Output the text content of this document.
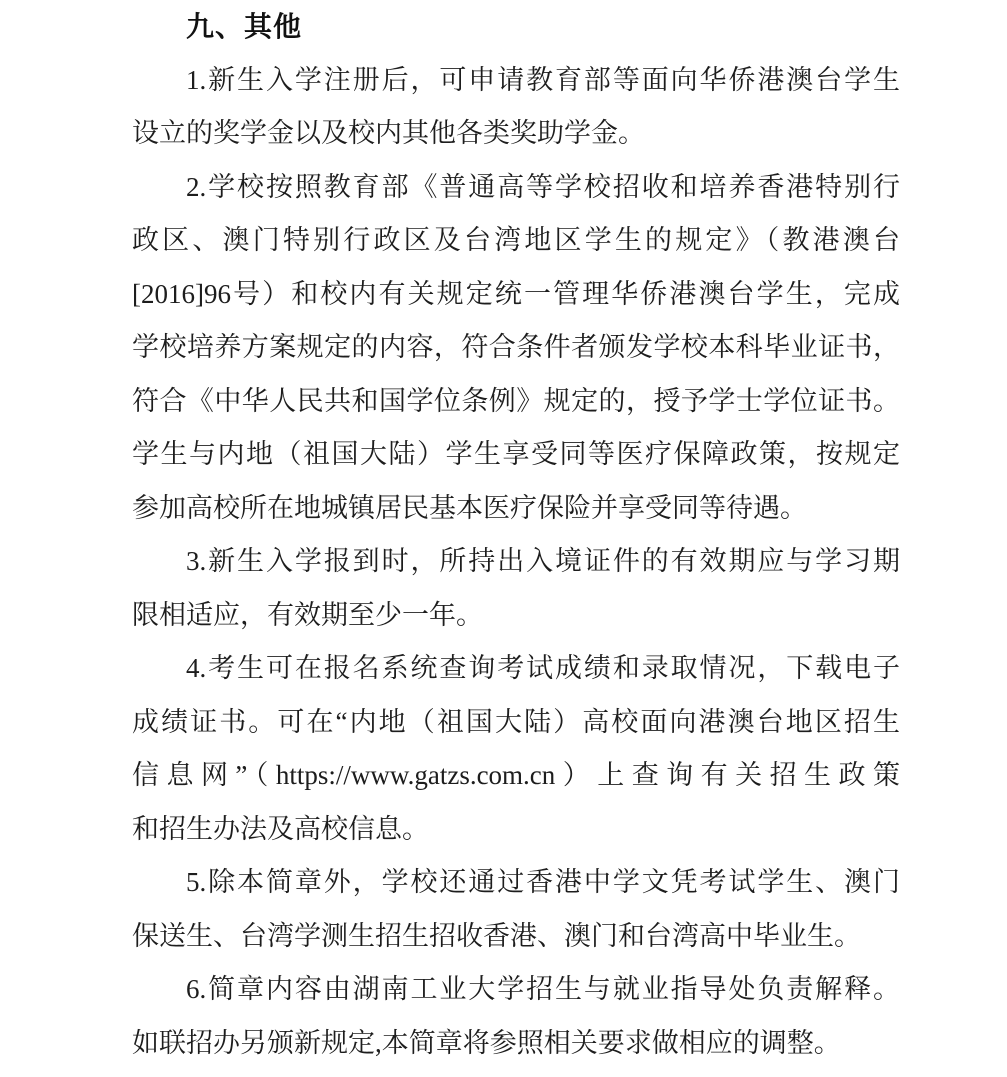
九、其他
1.新生入学注册后，可申请教育部等面向华侨港澳台学生
设立的奖学金以及校内其他各类奖助学金。
2.学校按照教育部《普通高等学校招收和培养香港特别行
政区、澳门特别行政区及台湾地区学生的规定》（教港澳台
[2016]96号）和校内有关规定统一管理华侨港澳台学生，完成
学校培养方案规定的内容，符合条件者颁发学校本科毕业证书，
符合《中华人民共和国学位条例》规定的，授予学士学位证书。
学生与内地（祖国大陆）学生享受同等医疗保障政策，按规定
参加高校所在地城镇居民基本医疗保险并享受同等待遇。
3.新生入学报到时，所持出入境证件的有效期应与学习期
限相适应，有效期至少一年。
4.考生可在报名系统查询考试成绩和录取情况，下载电子
成绩证书。可在“内地（祖国大陆）高校面向港澳台地区招生
信息网”（https://www.gatzs.com.cn）上查询有关招生政策
和招生办法及高校信息。
5.除本简章外，学校还通过香港中学文凭考试学生、澳门
保送生、台湾学测生招生招收香港、澳门和台湾高中毕业生。
6.简章内容由湖南工业大学招生与就业指导处负责解释。
如联招办另颁新规定,本简章将参照相关要求做相应的调整。
